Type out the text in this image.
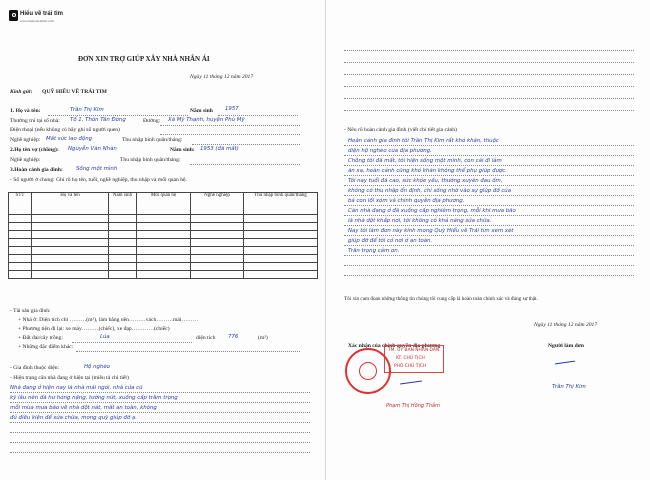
Hiểu về trái tim
www.hieuvetraitim.com
ĐƠN XIN TRỢ GIÚP XÂY NHÀ NHÂN ÁI
Ngày 11 tháng 12 năm 2017
Kính gửi: QUỸ HIỂU VỀ TRÁI TIM
1. Họ và tên:	Trần Thị Kim	Năm sinh 1957
Thường trú tại số nhà: Tổ 1, Thôn Tân Đông	Đường: Xã Mỹ Thạnh, huyện Phù Mỹ
Điện thoại (nếu không có hãy ghi số người quen)
Nghề nghiệp: Mất sức lao động	Thu nhập bình quân/tháng:
2.Họ tên vợ (chồng): Nguyễn Văn Nhàn	Năm sinh: 1953 (đã mất)
Nghề nghiệp:	Thu nhập bình quân/tháng:
3.Hoàn cảnh gia đình: Sống một mình
- Số người ở chung: Ghi rõ họ tên, tuổi, nghề nghiệp, thu nhập và mối quan hệ.
STT	Họ và tên	Năm sinh	Mối quan hệ	Nghề nghiệp	Thu nhập bình quân/tháng

- Tài sản gia đình:
+ Nhà ở: Diện tích chỉ ………(m²), làm bằng nền………vách………mái………
+ Phương tiện đi lại: xe máy………(chiếc), xe đạp…………(chiếc)
+ Đất đai/cây trồng:	Lúa	diện tích 776	(m²)
+ Những đặc điểm khác:
- Gia đình thuộc diện:	Hộ nghèo
- Hiện trạng căn nhà đang ở hiện tại (miêu tả chi tiết)
Nhà đang ở hiện nay là nhà mái ngói, nhà cửa cũ
kỹ lâu nên đã hư hỏng nặng, tường nứt, xuống cấp trầm trọng
mỗi mùa mưa bão về nhà dột nát, mất an toàn, không
đủ điều kiện để sửa chữa, mong quỹ giúp đỡ ạ.
- Nêu rõ hoàn cảnh gia đình (viết chi tiết gia cảnh)
Hoàn cảnh gia đình tôi Trần Thị Kim rất khó khăn, thuộc
diện hộ nghèo của địa phương.
Chồng tôi đã mất, tôi hiện sống một mình, con cái đi làm
ăn xa, hoàn cảnh cũng khó khăn không thể phụ giúp được.
Tôi nay tuổi đã cao, sức khỏe yếu, thường xuyên đau ốm,
không có thu nhập ổn định, chỉ sống nhờ vào sự giúp đỡ của
bà con lối xóm và chính quyền địa phương.
Căn nhà đang ở đã xuống cấp nghiêm trọng, mỗi khi mưa bão
là nhà dột khắp nơi, tôi không có khả năng sửa chữa.
Nay tôi làm đơn này kính mong Quỹ Hiểu về Trái tim xem xét
giúp đỡ để tôi có nơi ở an toàn.
Trân trọng cảm ơn.
Tôi xin cam đoan những thông tin chúng tôi cung cấp là hoàn toàn chính xác và đúng sự thật.
Ngày 11 tháng 12 năm 2017
Xác nhận của chính quyền địa phương	Người làm đơn
TM. ỦY BAN NHÂN DÂN
KT. CHỦ TỊCH
PHÓ CHỦ TỊCH
Phạm Thị Hồng Thắm
Trần Thị Kim
